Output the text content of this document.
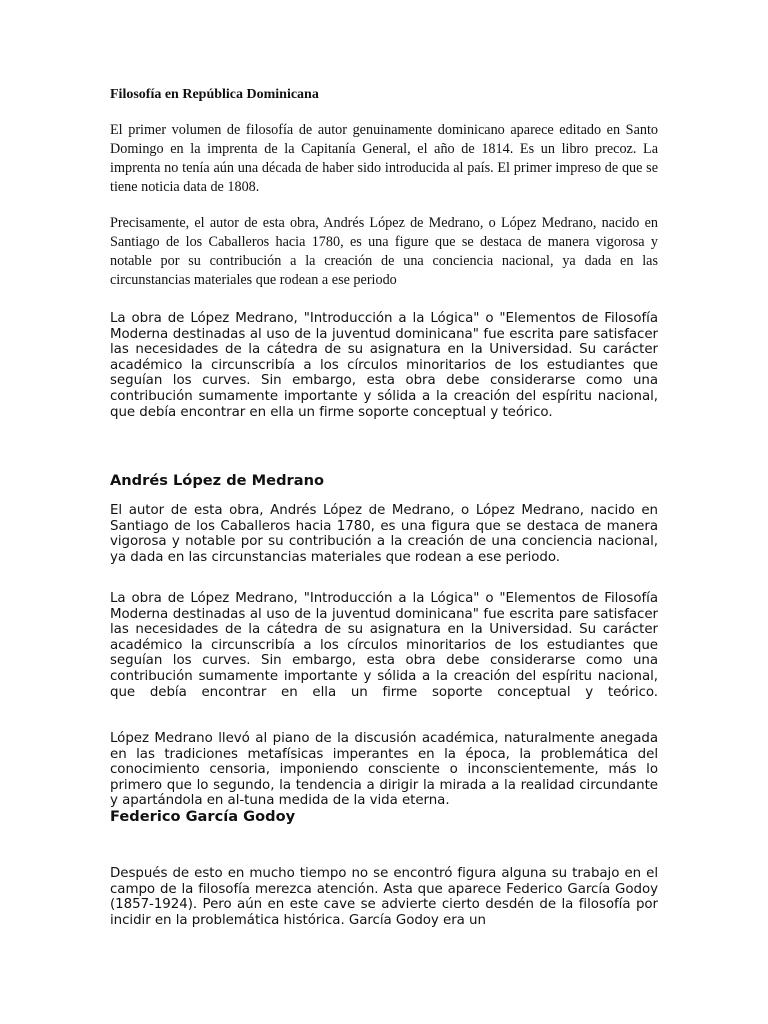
Filosofía en República Dominicana
El primer volumen de filosofía de autor genuinamente dominicano aparece editado en Santo Domingo en la imprenta de la Capitanía General, el año de 1814. Es un libro precoz. La imprenta no tenía aún una década de haber sido introducida al país. El primer impreso de que se tiene noticia data de 1808.
Precisamente, el autor de esta obra, Andrés López de Medrano, o López Medrano, nacido en Santiago de los Caballeros hacia 1780, es una figure que se destaca de manera vigorosa y notable por su contribución a la creación de una conciencia nacional, ya dada en las circunstancias materiales que rodean a ese periodo
La obra de López Medrano, "Introducción a la Lógica" o "Elementos de Filosofía Moderna destinadas al uso de la juventud dominicana" fue escrita pare satisfacer las necesidades de la cátedra de su asignatura en la Universidad. Su carácter académico la circunscribía a los círculos minoritarios de los estudiantes que seguían los curves. Sin embargo, esta obra debe considerarse como una contribución sumamente importante y sólida a la creación del espíritu nacional, que debía encontrar en ella un firme soporte conceptual y teórico.
Andrés López de Medrano
El autor de esta obra, Andrés López de Medrano, o López Medrano, nacido en Santiago de los Caballeros hacia 1780, es una figura que se destaca de manera vigorosa y notable por su contribución a la creación de una conciencia nacional, ya dada en las circunstancias materiales que rodean a ese periodo.
La obra de López Medrano, "Introducción a la Lógica" o "Elementos de Filosofía Moderna destinadas al uso de la juventud dominicana" fue escrita pare satisfacer las necesidades de la cátedra de su asignatura en la Universidad. Su carácter académico la circunscribía a los círculos minoritarios de los estudiantes que seguían los curves. Sin embargo, esta obra debe considerarse como una contribución sumamente importante y sólida a la creación del espíritu nacional, que debía encontrar en ella un firme soporte conceptual y teórico.
López Medrano llevó al piano de la discusión académica, naturalmente anegada en las tradiciones metafísicas imperantes en la época, la problemática del conocimiento censoria, imponiendo consciente o inconscientemente, más lo primero que lo segundo, la tendencia a dirigir la mirada a la realidad circundante y apartándola en al-tuna medida de la vida eterna.
Federico García Godoy
Después de esto en mucho tiempo no se encontró figura alguna su trabajo en el campo de la filosofía merezca atención. Asta que aparece Federico García Godoy (1857-1924). Pero aún en este cave se advierte cierto desdén de la filosofía por incidir en la problemática histórica. García Godoy era un
